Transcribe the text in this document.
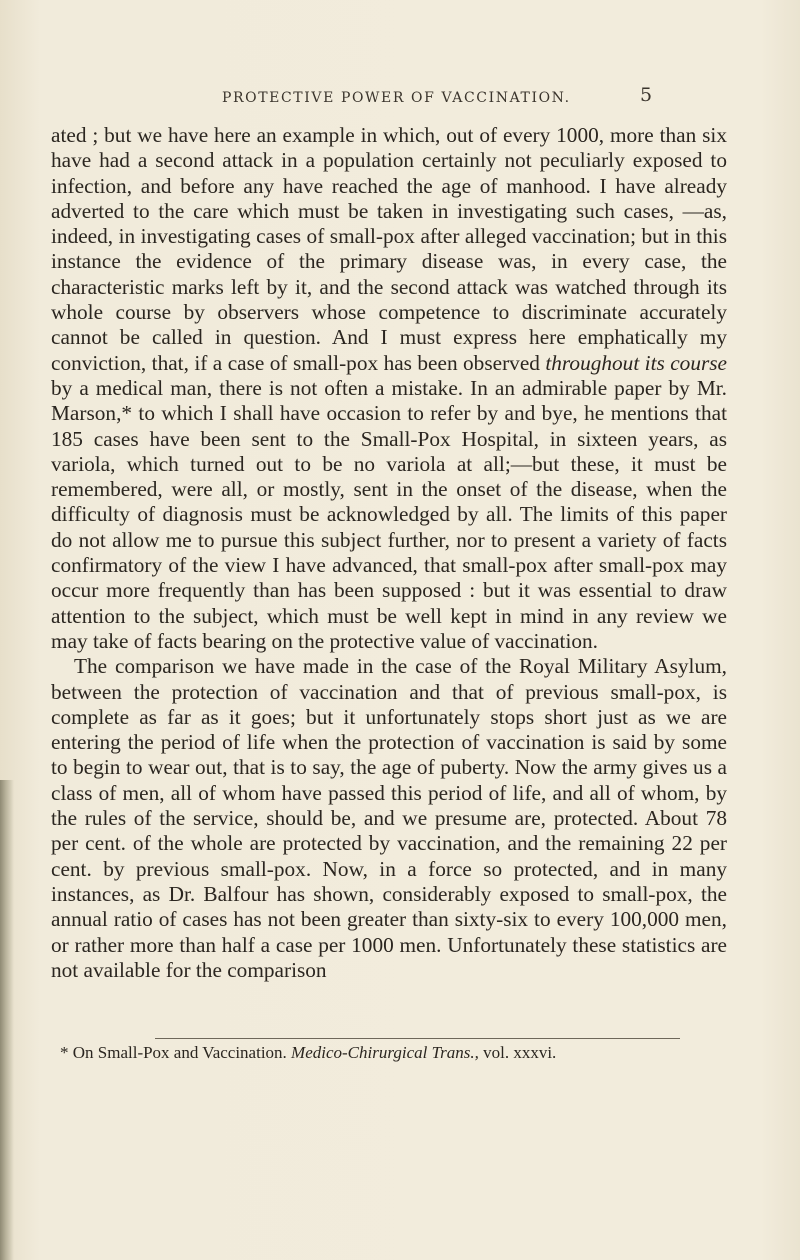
PROTECTIVE POWER OF VACCINATION.	5

ated ; but we have here an example in which, out of every 1000, more than six have had a second attack in a population certainly not peculiarly exposed to infection, and before any have reached the age of manhood. I have already adverted to the care which must be taken in investigating such cases, —as, indeed, in investigating cases of small-pox after alleged vaccination; but in this instance the evidence of the primary disease was, in every case, the characteristic marks left by it, and the second attack was watched through its whole course by observers whose competence to discriminate accurately cannot be called in question. And I must express here emphatically my conviction, that, if a case of small-pox has been observed throughout its course by a medical man, there is not often a mistake. In an admirable paper by Mr. Marson,* to which I shall have occasion to refer by and bye, he mentions that 185 cases have been sent to the Small-Pox Hospital, in sixteen years, as variola, which turned out to be no variola at all;—but these, it must be remembered, were all, or mostly, sent in the onset of the disease, when the difficulty of diagnosis must be acknowledged by all. The limits of this paper do not allow me to pursue this subject further, nor to present a variety of facts confirmatory of the view I have advanced, that small-pox after small-pox may occur more frequently than has been supposed : but it was essential to draw attention to the subject, which must be well kept in mind in any review we may take of facts bearing on the protective value of vaccination.

The comparison we have made in the case of the Royal Military Asylum, between the protection of vaccination and that of previous small-pox, is complete as far as it goes; but it unfortunately stops short just as we are entering the period of life when the protection of vaccination is said by some to begin to wear out, that is to say, the age of puberty. Now the army gives us a class of men, all of whom have passed this period of life, and all of whom, by the rules of the service, should be, and we presume are, protected. About 78 per cent. of the whole are protected by vaccination, and the remaining 22 per cent. by previous small-pox. Now, in a force so protected, and in many instances, as Dr. Balfour has shown, considerably exposed to small-pox, the annual ratio of cases has not been greater than sixty-six to every 100,000 men, or rather more than half a case per 1000 men. Unfortunately these statistics are not available for the comparison

* On Small-Pox and Vaccination. Medico-Chirurgical Trans., vol. xxxvi.
